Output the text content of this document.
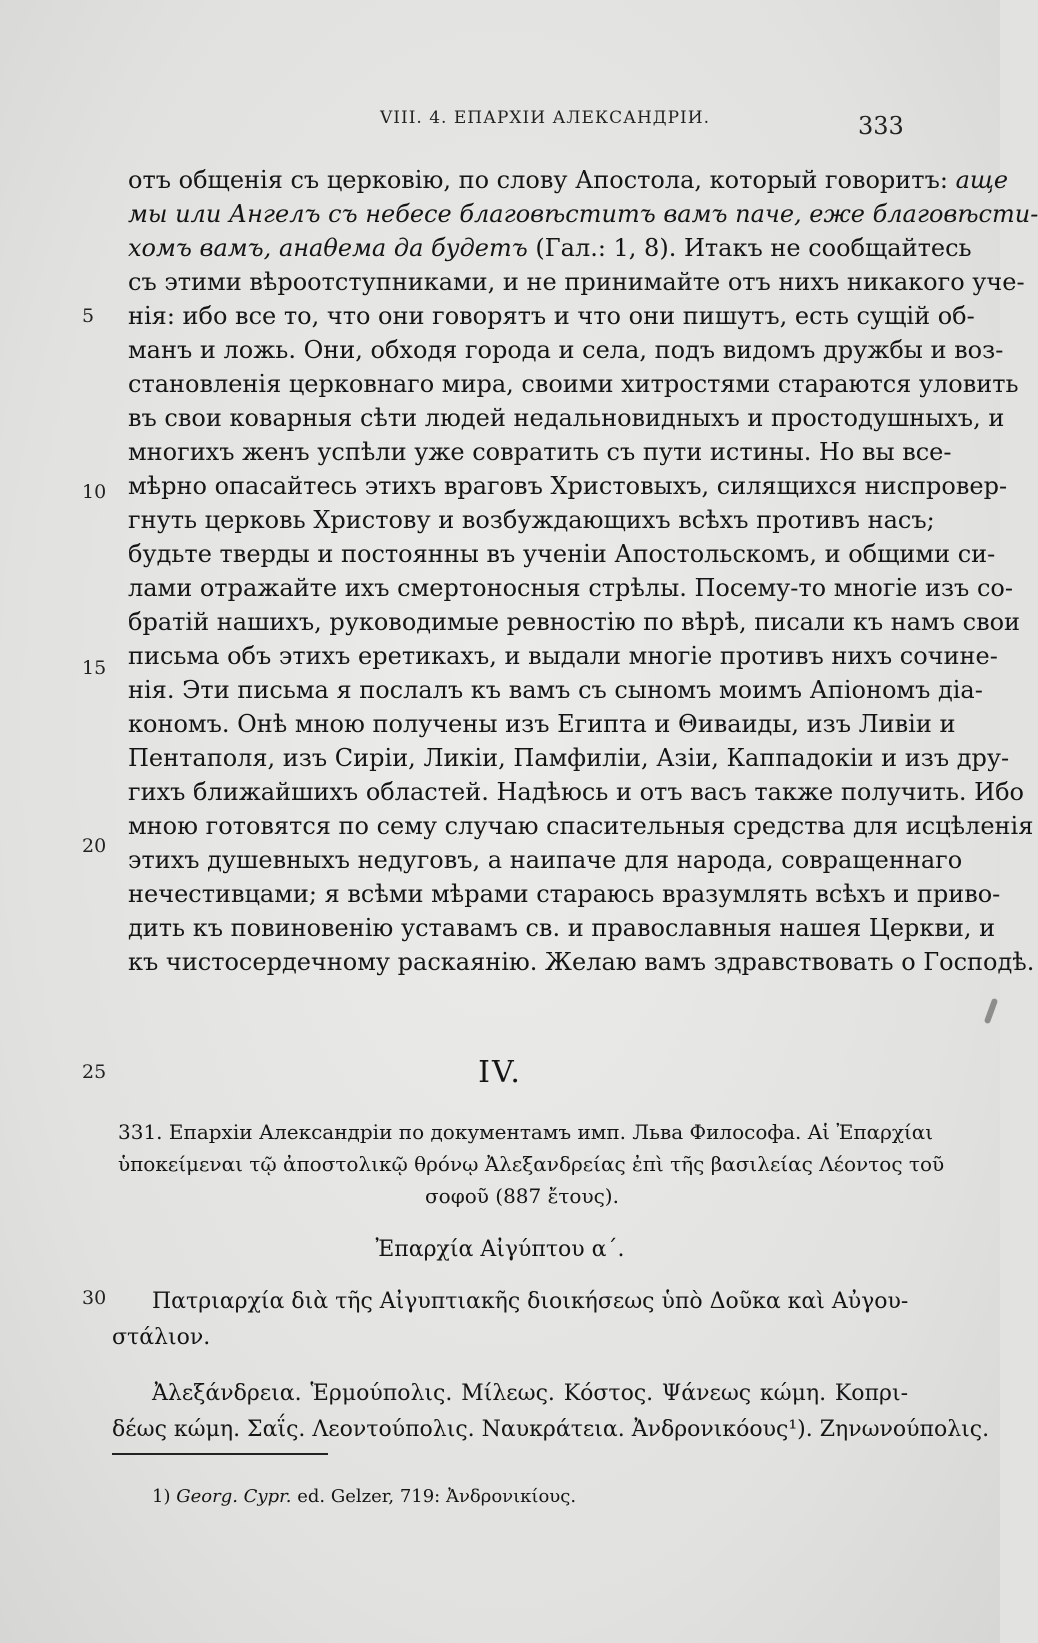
VIII. 4. ЕПАРХIИ АЛЕКСАНДРIИ.	333
отъ общенiя съ церковiю, по слову Апостола, который говоритъ: аще
мы или Ангелъ съ небесе благовѣститъ вамъ паче, еже благовѣсти-
хомъ вамъ, анаθема да будетъ (Гал.: 1, 8). Итакъ не сообщайтесь
съ этими вѣроотступниками, и не принимайте отъ нихъ никакого уче-
нiя: ибо все то, что они говорятъ и что они пишутъ, есть сущiй об-
манъ и ложь. Они, обходя города и села, подъ видомъ дружбы и воз-
становленiя церковнаго мира, своими хитростями стараются уловить
въ свои коварныя сѣти людей недальновидныхъ и простодушныхъ, и
многихъ женъ успѣли уже совратить съ пути истины. Но вы все-
мѣрно опасайтесь этихъ враговъ Христовыхъ, силящихся ниспровер-
гнуть церковь Христову и возбуждающихъ всѣхъ противъ насъ;
будьте тверды и постоянны въ ученiи Апостольскомъ, и общими си-
лами отражайте ихъ смертоносныя стрѣлы. Посему-то многiе изъ со-
братiй нашихъ, руководимые ревностiю по вѣрѣ, писали къ намъ свои
письма объ этихъ еретикахъ, и выдали многiе противъ нихъ сочине-
нiя. Эти письма я послалъ къ вамъ съ сыномъ моимъ Апiономъ дiа-
кономъ. Онѣ мною получены изъ Египта и Θиваиды, изъ Ливiи и
Пентаполя, изъ Сирiи, Ликiи, Памфилiи, Азiи, Каппадокiи и изъ дру-
гихъ ближайшихъ областей. Надѣюсь и отъ васъ также получить. Ибо
мною готовятся по сему случаю спасительныя средства для исцѣленiя
этихъ душевныхъ недуговъ, а наипаче для народа, совращеннаго
нечестивцами; я всѣми мѣрами стараюсь вразумлять всѣхъ и приво-
дить къ повиновенiю уставамъ св. и православныя нашея Церкви, и
къ чистосердечному раскаянiю. Желаю вамъ здравствовать о Господѣ.
5
10
15
20
25
30
IV.
331. Епархiи Александрiи по документамъ имп. Льва Философа. Αἱ Ἐπαρχίαι
ὑποκείμεναι τῷ ἀποστολικῷ θρόνῳ Ἀλεξανδρείας ἐπὶ τῆς βασιλείας Λέοντος τοῦ
σοφοῦ (887 ἔτους).
Ἐπαρχία Αἰγύπτου α΄.
Πατριαρχία διὰ τῆς Αἰγυπτιακῆς διοικήσεως ὑπὸ Δοῦκα καὶ Αὐγου-
στάλιον.
Ἀλεξάνδρεια. Ἑρμούπολις. Μίλεως. Κόστος. Ψάνεως κώμη. Κοπρι-
δέως κώμη. Σαΐς. Λεοντούπολις. Ναυκράτεια. Ἀνδρονικόους¹). Ζηνωνούπολις.
1) Georg. Cypr. ed. Gelzer, 719: Ἀνδρονικίους.
